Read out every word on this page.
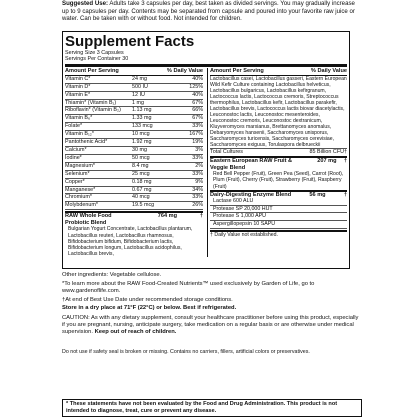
Suggested Use: Adults take 3 capsules per day, best taken as divided servings. You may gradually increase up to 9 capsules per day. Contents may be separated from capsule and poured into your favorite raw juice or water. Can be taken with or without food. Not intended for children.
Supplement Facts
Serving Size 3 Capsules
Servings Per Container 30
Amount Per Serving	% Daily Value
Vitamin C*	24 mg	40%
Vitamin D*	500 IU	125%
Vitamin E*	12 IU	40%
Thiamin* (Vitamin B₁)	1 mg	67%
Riboflavin* (Vitamin B₂)	1.13 mg	66%
Vitamin B₆*	1.33 mg	67%
Folate*	133 mcg	33%
Vitamin B₁₂*	10 mcg	167%
Pantothenic Acid*	1.92 mg	19%
Calcium*	30 mg	3%
Iodine*	50 mcg	33%
Magnesium*	8.4 mg	2%
Selenium*	25 mcg	33%
Copper*	0.18 mg	9%
Manganese*	0.67 mg	34%
Chromium*	40 mcg	33%
Molybdenum*	19.5 mcg	26%
RAW Whole Food Probiotic Blend
764 mg	†
Bulgarian Yogurt Concentrate, Lactobacillus plantarum, Lactobacillus reuteri, Lactobacillus rhamnosus, Bifidobacterium bifidum, Bifidobacterium lactis, Bifidobacterium longum, Lactobacillus acidophilus, Lactobacillus brevis,
Amount Per Serving	% Daily Value
Lactobacillus casei, Lactobacillus gasseri, Eastern European Wild Kefir Culture containing Lactobacillus helveticus, Lactobacillus bulgaricus, Lactobacillus kefirgranum, Lactococcus lactis, Lactococcus cremoris, Streptococcus thermophilus, Lactobacillus kefir, Lactobacillus parakefir, Lactobacillus brevis, Lactococcus lactis biovar diacetylactis, Leuconostoc lactis, Leuconostoc mesenteroides, Leuconostoc cremoris, Leuconostoc dextranicum, Kluyveromyces marxianus, Brettanomyces anomalus, Debaryomyces hansenii, Saccharomyces unisporus, Saccharomyces turicensis, Saccharomyces cerevisiae, Saccharomyces exiguus, Torulaspora delbrueckii
Total Cultures	85 Billion CFU†
Eastern European RAW Fruit & Veggie Blend
207 mg †
Red Bell Pepper (Fruit), Green Pea (Seed), Carrot (Root), Plum (Fruit), Cherry (Fruit), Strawberry (Fruit), Raspberry (Fruit)
Dairy-Digesting Enzyme Blend	56 mg	†
Lactase 600 ALU
Protease SP 20,000 HUT
Protease S 1,000 APU
Aspergillopepsin 10 SAPU
† Daily Value not established.
Other ingredients: Vegetable cellulose.
*To learn more about the RAW Food-Created Nutrients™ used exclusively by Garden of Life, go to www.gardenoflife.com.
†At end of Best Use Date under recommended storage conditions.
Store in a dry place at 71°F (22°C) or below. Best if refrigerated.
CAUTION: As with any dietary supplement, consult your healthcare practitioner before using this product, especially if you are pregnant, nursing, anticipate surgery, take medication on a regular basis or are otherwise under medical supervision. Keep out of reach of children.
Do not use if safety seal is broken or missing. Contains no carriers, fillers, artificial colors or preservatives.
* These statements have not been evaluated by the Food and Drug Administration. This product is not intended to diagnose, treat, cure or prevent any disease.
